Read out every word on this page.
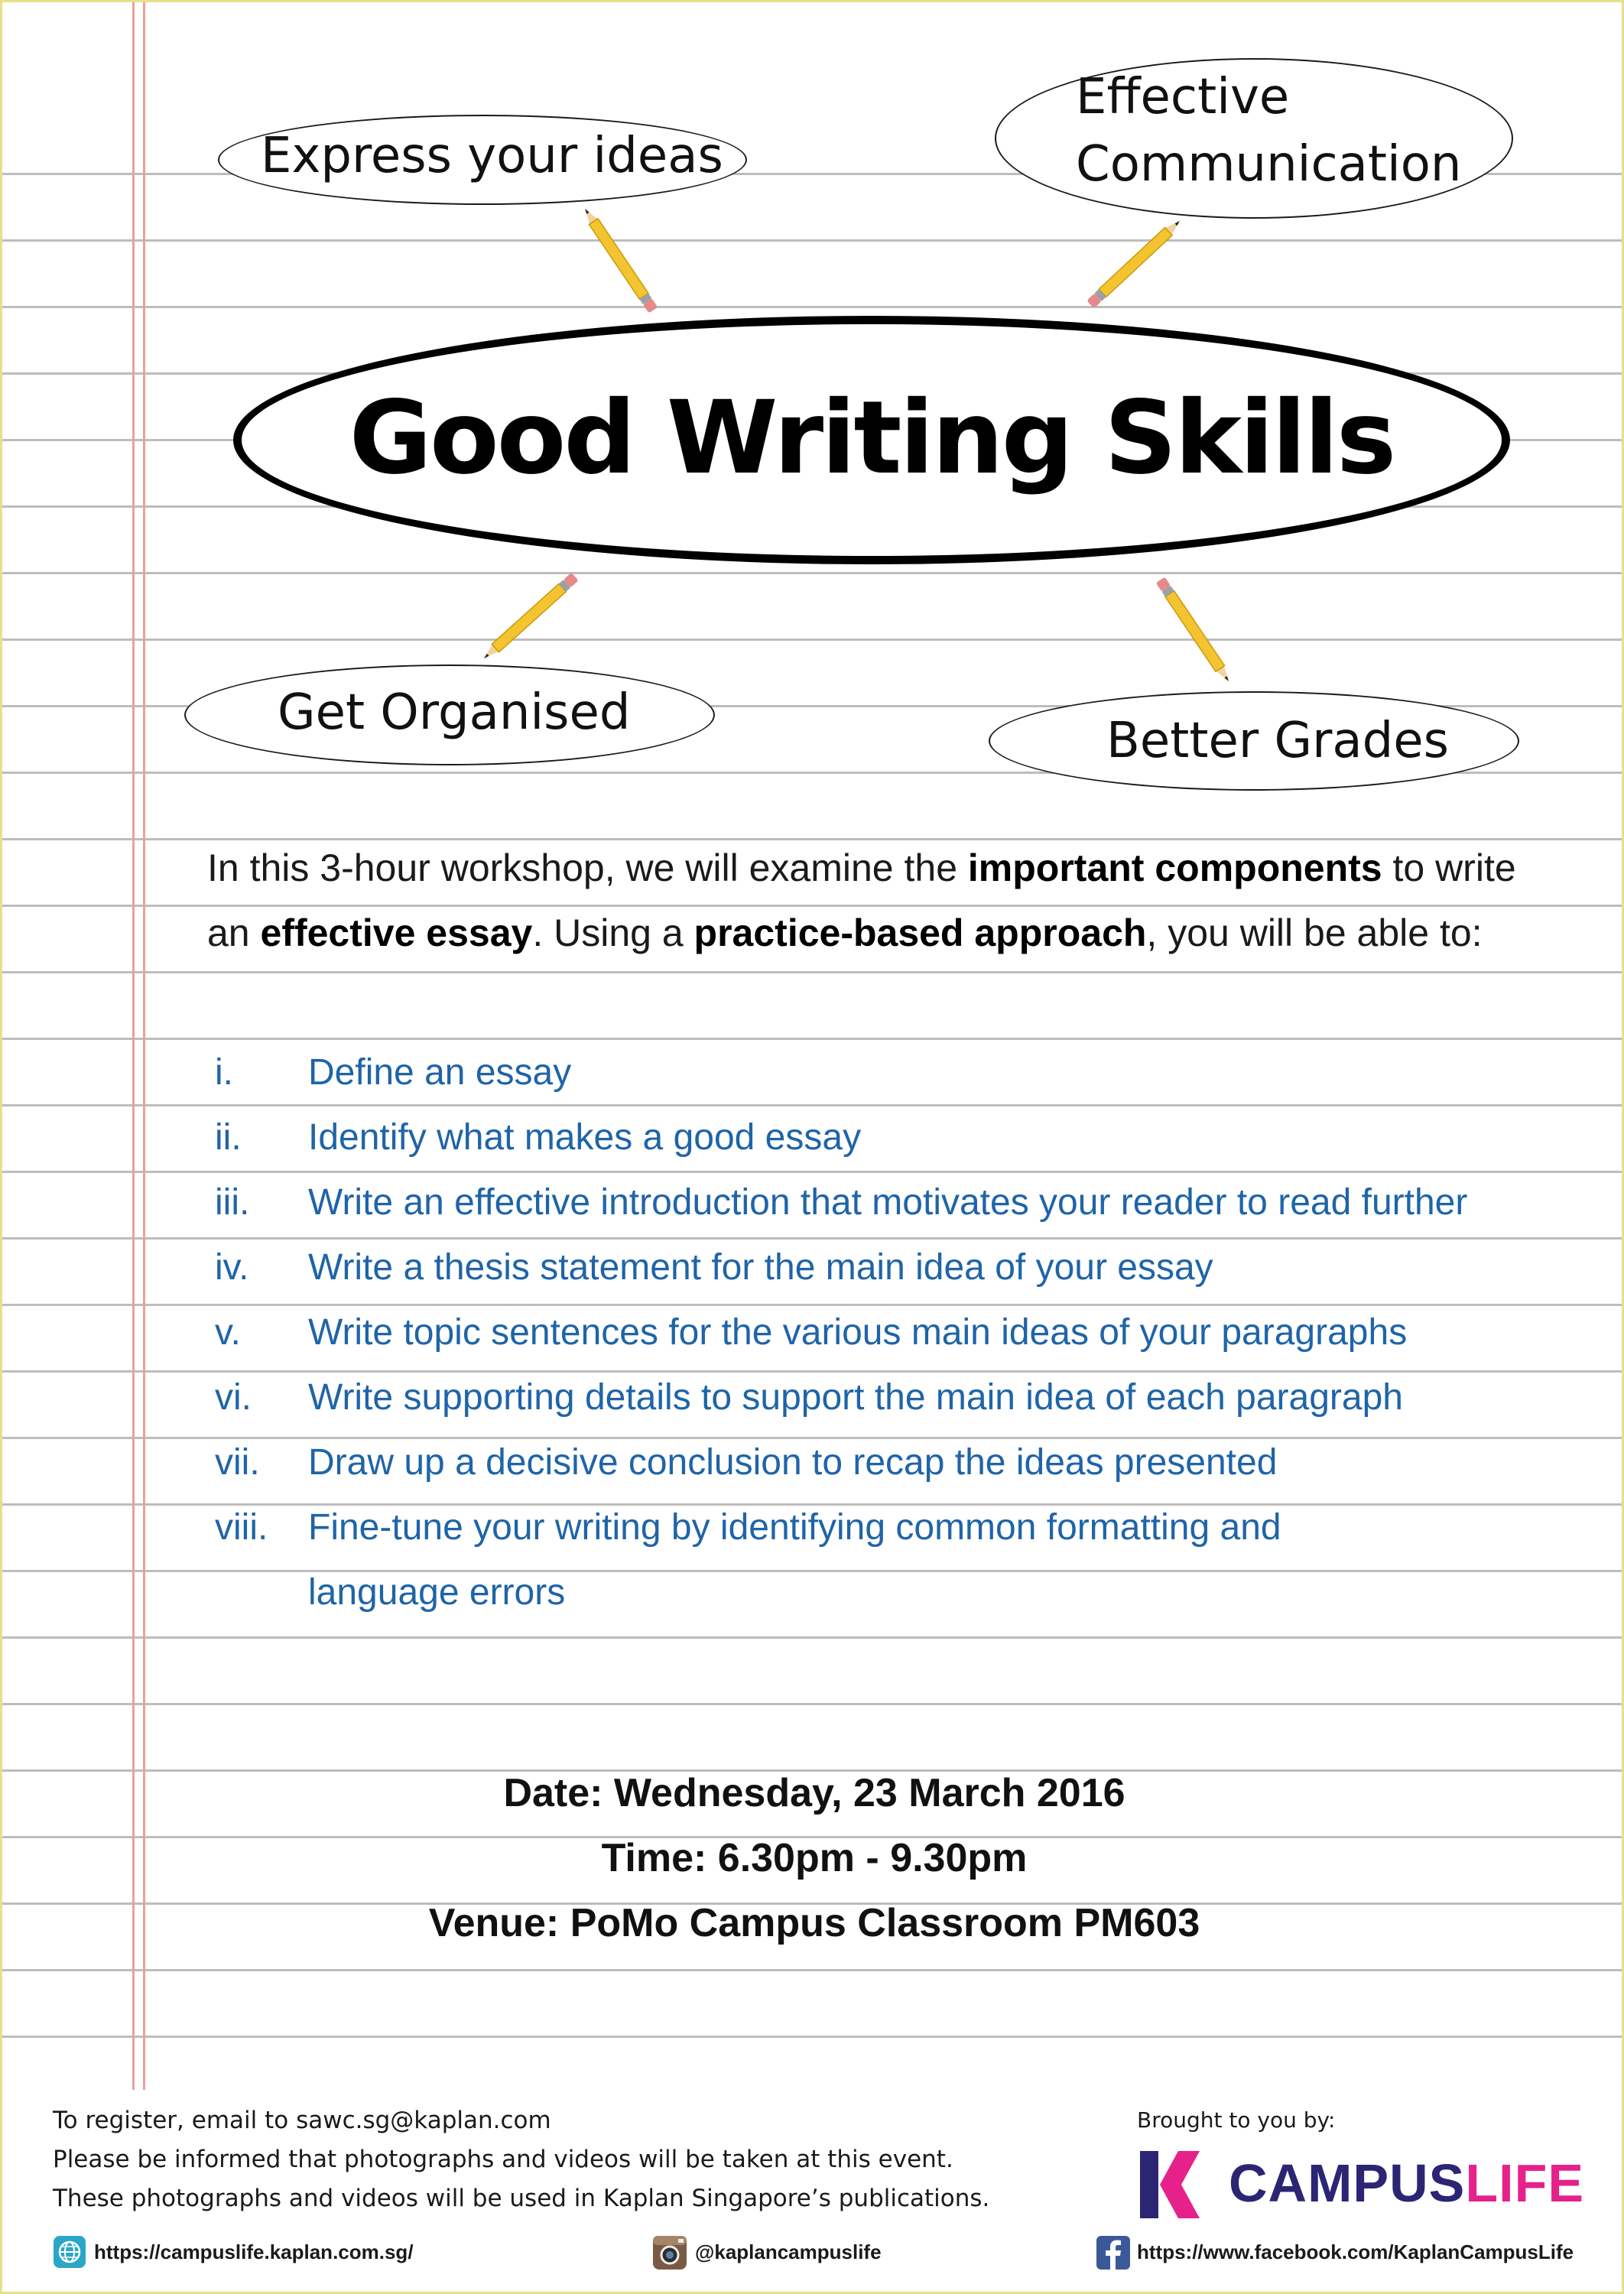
Express your ideas
Effective
Communication
Get Organised	Better Grades
Good Writing Skills
In this 3-hour workshop, we will examine the important components to write an effective essay. Using a practice-based approach, you will be able to:
i. Define an essay
ii. Identify what makes a good essay
iii. Write an effective introduction that motivates your reader to read further
iv. Write a thesis statement for the main idea of your essay
v. Write topic sentences for the various main ideas of your paragraphs
vi. Write supporting details to support the main idea of each paragraph
vii. Draw up a decisive conclusion to recap the ideas presented
viii. Fine-tune your writing by identifying common formatting and
language errors
Date: Wednesday, 23 March 2016
Time: 6.30pm - 9.30pm
Venue: PoMo Campus Classroom PM603
To register, email to sawc.sg@kaplan.com
Please be informed that photographs and videos will be taken at this event.
These photographs and videos will be used in Kaplan Singapore’s publications.
Brought to you by:
CAMPUSLIFE
https://campuslife.kaplan.com.sg/	@kaplancampuslife	https://www.facebook.com/KaplanCampusLife
